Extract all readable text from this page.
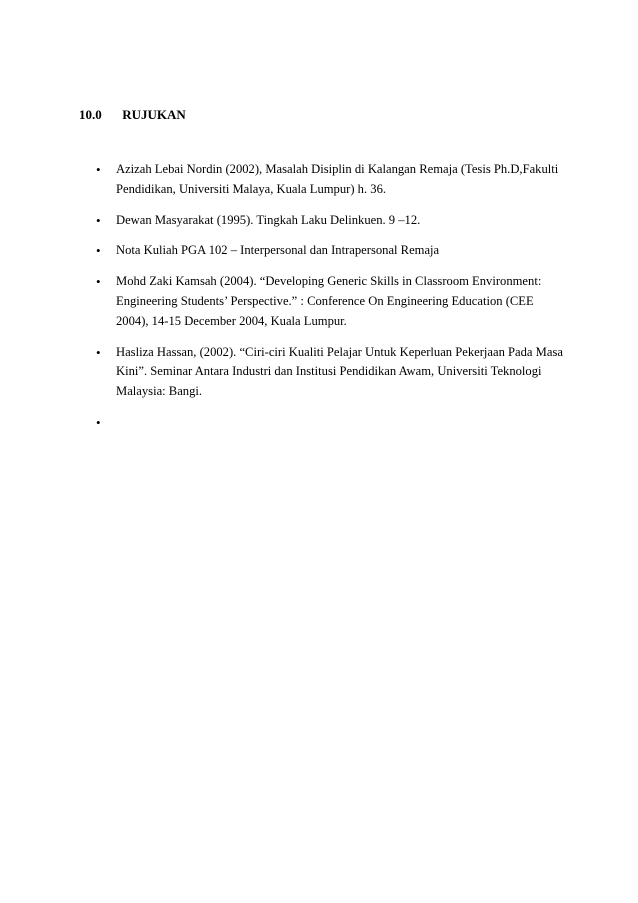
10.0 RUJUKAN
• Azizah Lebai Nordin (2002), Masalah Disiplin di Kalangan Remaja (Tesis Ph.D,Fakulti Pendidikan, Universiti Malaya, Kuala Lumpur) h. 36.
• Dewan Masyarakat (1995). Tingkah Laku Delinkuen. 9 –12.
• Nota Kuliah PGA 102 – Interpersonal dan Intrapersonal Remaja
• Mohd Zaki Kamsah (2004). “Developing Generic Skills in Classroom Environment: Engineering Students’ Perspective.” : Conference On Engineering Education (CEE 2004), 14-15 December 2004, Kuala Lumpur.
• Hasliza Hassan, (2002). “Ciri-ciri Kualiti Pelajar Untuk Keperluan Pekerjaan Pada Masa Kini”. Seminar Antara Industri dan Institusi Pendidikan Awam, Universiti Teknologi Malaysia: Bangi.
•
